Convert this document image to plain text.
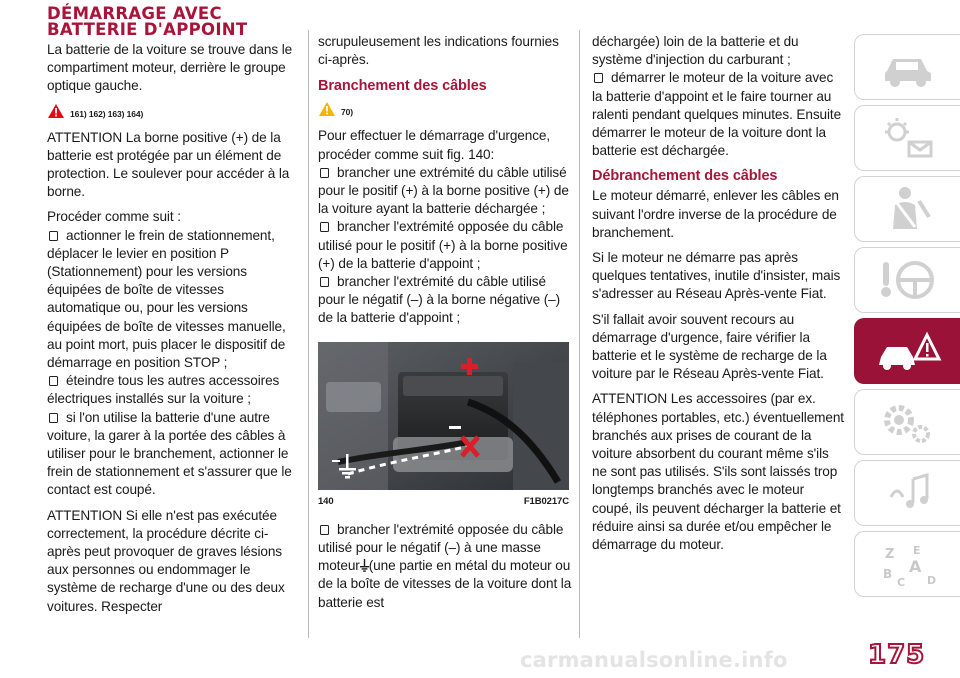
DÉMARRAGE AVEC
BATTERIE D'APPOINT

La batterie de la voiture se trouve dans le compartiment moteur, derrière le groupe optique gauche.

161) 162) 163) 164)

ATTENTION La borne positive (+) de la batterie est protégée par un élément de protection. Le soulever pour accéder à la borne.

Procéder comme suit :

actionner le frein de stationnement, déplacer le levier en position P (Stationnement) pour les versions équipées de boîte de vitesses automatique ou, pour les versions équipées de boîte de vitesses manuelle, au point mort, puis placer le dispositif de démarrage en position STOP ;

éteindre tous les autres accessoires électriques installés sur la voiture ;

si l'on utilise la batterie d'une autre voiture, la garer à la portée des câbles à utiliser pour le branchement, actionner le frein de stationnement et s'assurer que le contact est coupé.

ATTENTION Si elle n'est pas exécutée correctement, la procédure décrite ci-après peut provoquer de graves lésions aux personnes ou endommager le système de recharge d'une ou des deux voitures. Respecter

scrupuleusement les indications fournies ci-après.

Branchement des câbles
70)

Pour effectuer le démarrage d'urgence, procéder comme suit fig. 140:

brancher une extrémité du câble utilisé pour le positif (+) à la borne positive (+) de la voiture ayant la batterie déchargée ;

brancher l'extrémité opposée du câble utilisé pour le positif (+) à la borne positive (+) de la batterie d'appoint ;

brancher l'extrémité du câble utilisé pour le négatif (–) à la borne négative (–) de la batterie d'appoint ;

140	F1B0217C

brancher l'extrémité opposée du câble utilisé pour le négatif (–) à une masse moteur (une partie en métal du moteur ou de la boîte de vitesses de la voiture dont la batterie est

déchargée) loin de la batterie et du système d'injection du carburant ;

démarrer le moteur de la voiture avec la batterie d'appoint et le faire tourner au ralenti pendant quelques minutes. Ensuite démarrer le moteur de la voiture dont la batterie est déchargée.

Débranchement des câbles

Le moteur démarré, enlever les câbles en suivant l'ordre inverse de la procédure de branchement.

Si le moteur ne démarre pas après quelques tentatives, inutile d'insister, mais s'adresser au Réseau Après-vente Fiat.

S'il fallait avoir souvent recours au démarrage d'urgence, faire vérifier la batterie et le système de recharge de la voiture par le Réseau Après-vente Fiat.

ATTENTION Les accessoires (par ex. téléphones portables, etc.) éventuellement branchés aux prises de courant de la voiture absorbent du courant même s'ils ne sont pas utilisés. S'ils sont laissés trop longtemps branchés avec le moteur coupé, ils peuvent décharger la batterie et réduire ainsi sa durée et/ou empêcher le démarrage du moteur.

Z E
A
B
C D
carmanualsonline.info	175
